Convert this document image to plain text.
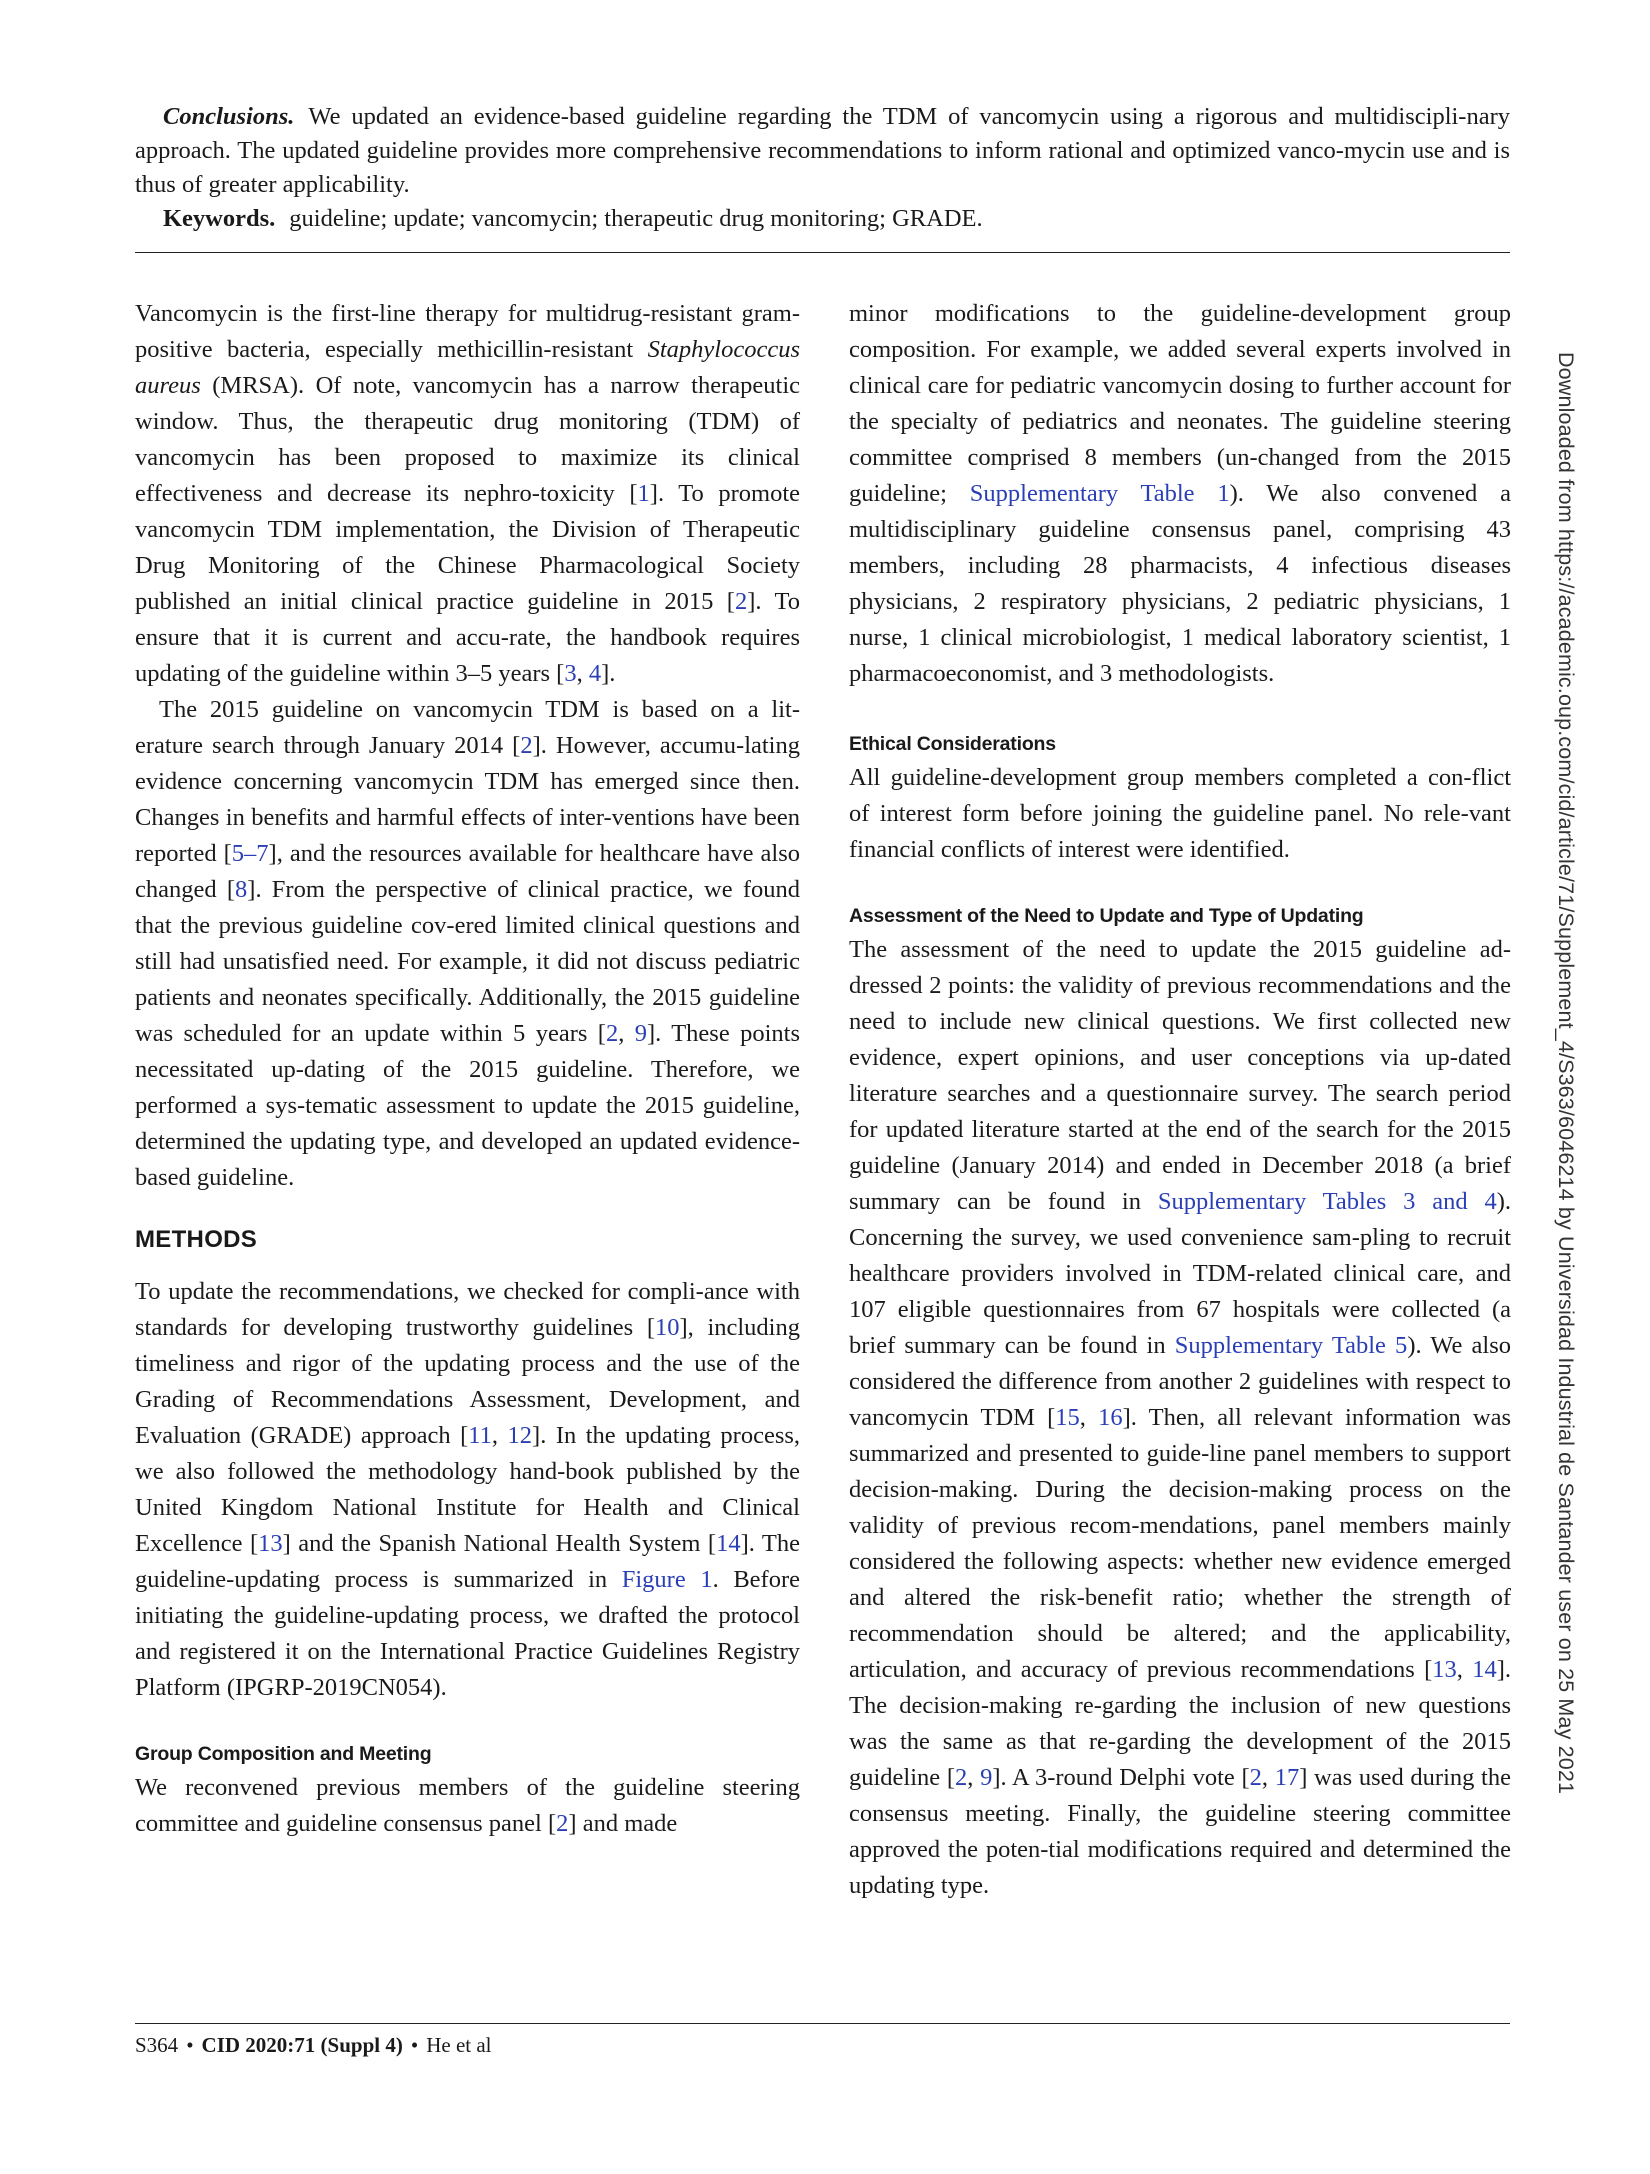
Conclusions. We updated an evidence-based guideline regarding the TDM of vancomycin using a rigorous and multidiscipli-nary approach. The updated guideline provides more comprehensive recommendations to inform rational and optimized vanco-mycin use and is thus of greater applicability.

Keywords. guideline; update; vancomycin; therapeutic drug monitoring; GRADE.

Vancomycin is the first-line therapy for multidrug-resistant gram-positive bacteria, especially methicillin-resistant Staphylococcus aureus (MRSA). Of note, vancomycin has a narrow therapeutic window. Thus, the therapeutic drug monitoring (TDM) of vancomycin has been proposed to maximize its clinical effectiveness and decrease its nephro-toxicity [1]. To promote vancomycin TDM implementation, the Division of Therapeutic Drug Monitoring of the Chinese Pharmacological Society published an initial clinical practice guideline in 2015 [2]. To ensure that it is current and accu-rate, the handbook requires updating of the guideline within 3–5 years [3, 4].

The 2015 guideline on vancomycin TDM is based on a lit-erature search through January 2014 [2]. However, accumu-lating evidence concerning vancomycin TDM has emerged since then. Changes in benefits and harmful effects of inter-ventions have been reported [5–7], and the resources available for healthcare have also changed [8]. From the perspective of clinical practice, we found that the previous guideline cov-ered limited clinical questions and still had unsatisfied need. For example, it did not discuss pediatric patients and neonates specifically. Additionally, the 2015 guideline was scheduled for an update within 5 years [2, 9]. These points necessitated up-dating of the 2015 guideline. Therefore, we performed a sys-tematic assessment to update the 2015 guideline, determined the updating type, and developed an updated evidence-based guideline.

METHODS

To update the recommendations, we checked for compli-ance with standards for developing trustworthy guidelines [10], including timeliness and rigor of the updating process and the use of the Grading of Recommendations Assessment, Development, and Evaluation (GRADE) approach [11, 12]. In the updating process, we also followed the methodology hand-book published by the United Kingdom National Institute for Health and Clinical Excellence [13] and the Spanish National Health System [14]. The guideline-updating process is summarized in Figure 1. Before initiating the guideline-updating process, we drafted the protocol and registered it on the International Practice Guidelines Registry Platform (IPGRP-2019CN054).

Group Composition and Meeting

We reconvened previous members of the guideline steering committee and guideline consensus panel [2] and made

minor modifications to the guideline-development group composition. For example, we added several experts involved in clinical care for pediatric vancomycin dosing to further account for the specialty of pediatrics and neonates. The guideline steering committee comprised 8 members (un-changed from the 2015 guideline; Supplementary Table 1). We also convened a multidisciplinary guideline consensus panel, comprising 43 members, including 28 pharmacists, 4 infectious diseases physicians, 2 respiratory physicians, 2 pediatric physicians, 1 nurse, 1 clinical microbiologist, 1 medical laboratory scientist, 1 pharmacoeconomist, and 3 methodologists.

Ethical Considerations

All guideline-development group members completed a con-flict of interest form before joining the guideline panel. No rele-vant financial conflicts of interest were identified.

Assessment of the Need to Update and Type of Updating

The assessment of the need to update the 2015 guideline ad-dressed 2 points: the validity of previous recommendations and the need to include new clinical questions. We first collected new evidence, expert opinions, and user conceptions via up-dated literature searches and a questionnaire survey. The search period for updated literature started at the end of the search for the 2015 guideline (January 2014) and ended in December 2018 (a brief summary can be found in Supplementary Tables 3 and 4). Concerning the survey, we used convenience sam-pling to recruit healthcare providers involved in TDM-related clinical care, and 107 eligible questionnaires from 67 hospitals were collected (a brief summary can be found in Supplementary Table 5). We also considered the difference from another 2 guidelines with respect to vancomycin TDM [15, 16]. Then, all relevant information was summarized and presented to guide-line panel members to support decision-making. During the decision-making process on the validity of previous recom-mendations, panel members mainly considered the following aspects: whether new evidence emerged and altered the risk-benefit ratio; whether the strength of recommendation should be altered; and the applicability, articulation, and accuracy of previous recommendations [13, 14]. The decision-making re-garding the inclusion of new questions was the same as that re-garding the development of the 2015 guideline [2, 9]. A 3-round Delphi vote [2, 17] was used during the consensus meeting. Finally, the guideline steering committee approved the poten-tial modifications required and determined the updating type.

S364 • CID 2020:71 (Suppl 4) • He et al
Downloaded from https://academic.oup.com/cid/article/71/Supplement_4/S363/6046214 by Universidad Industrial de Santander user on 25 May 2021
